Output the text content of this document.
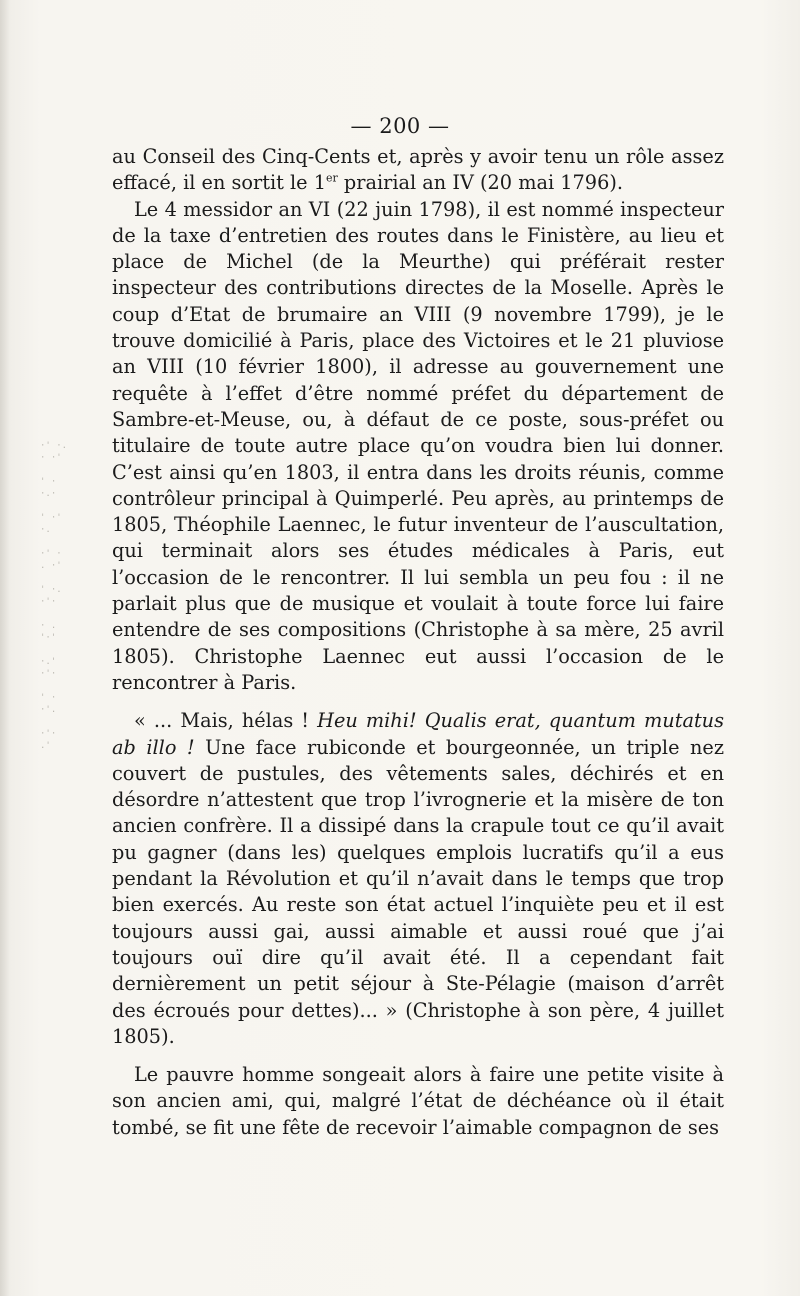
·' ·.
· ·'

' ·
·.·

' ·'
·.

·' ·
. ·'

' ·.
·'·

· .
'·'

·.'
·'·

' ·
·'.

·'·
.'

— 200 —

au Conseil des Cinq-Cents et, après y avoir tenu un rôle assez effacé, il en sortit le 1er prairial an IV (20 mai 1796).

Le 4 messidor an VI (22 juin 1798), il est nommé inspecteur de la taxe d’entretien des routes dans le Finistère, au lieu et place de Michel (de la Meurthe) qui préférait rester inspecteur des contributions directes de la Moselle. Après le coup d’Etat de brumaire an VIII (9 novembre 1799), je le trouve domicilié à Paris, place des Victoires et le 21 pluviose an VIII (10 février 1800), il adresse au gouvernement une requête à l’effet d’être nommé préfet du département de Sambre-et-Meuse, ou, à défaut de ce poste, sous-préfet ou titulaire de toute autre place qu’on voudra bien lui donner. C’est ainsi qu’en 1803, il entra dans les droits réunis, comme contrôleur principal à Quimperlé. Peu après, au printemps de 1805, Théophile Laennec, le futur inventeur de l’auscultation, qui terminait alors ses études médicales à Paris, eut l’occasion de le rencontrer. Il lui sembla un peu fou : il ne parlait plus que de musique et voulait à toute force lui faire entendre de ses compositions (Christophe à sa mère, 25 avril 1805). Christophe Laennec eut aussi l’occasion de le rencontrer à Paris.

« ... Mais, hélas ! Heu mihi! Qualis erat, quantum mutatus ab illo ! Une face rubiconde et bourgeonnée, un triple nez couvert de pustules, des vêtements sales, déchirés et en désordre n’attestent que trop l’ivrognerie et la misère de ton ancien confrère. Il a dissipé dans la crapule tout ce qu’il avait pu gagner (dans les) quelques emplois lucratifs qu’il a eus pendant la Révolution et qu’il n’avait dans le temps que trop bien exercés. Au reste son état actuel l’inquiète peu et il est toujours aussi gai, aussi aimable et aussi roué que j’ai toujours ouï dire qu’il avait été. Il a cependant fait dernièrement un petit séjour à Ste-Pélagie (maison d’arrêt des écroués pour dettes)... » (Christophe à son père, 4 juillet 1805).

Le pauvre homme songeait alors à faire une petite visite à son ancien ami, qui, malgré l’état de déchéance où il était tombé, se fit une fête de recevoir l’aimable compagnon de ses
